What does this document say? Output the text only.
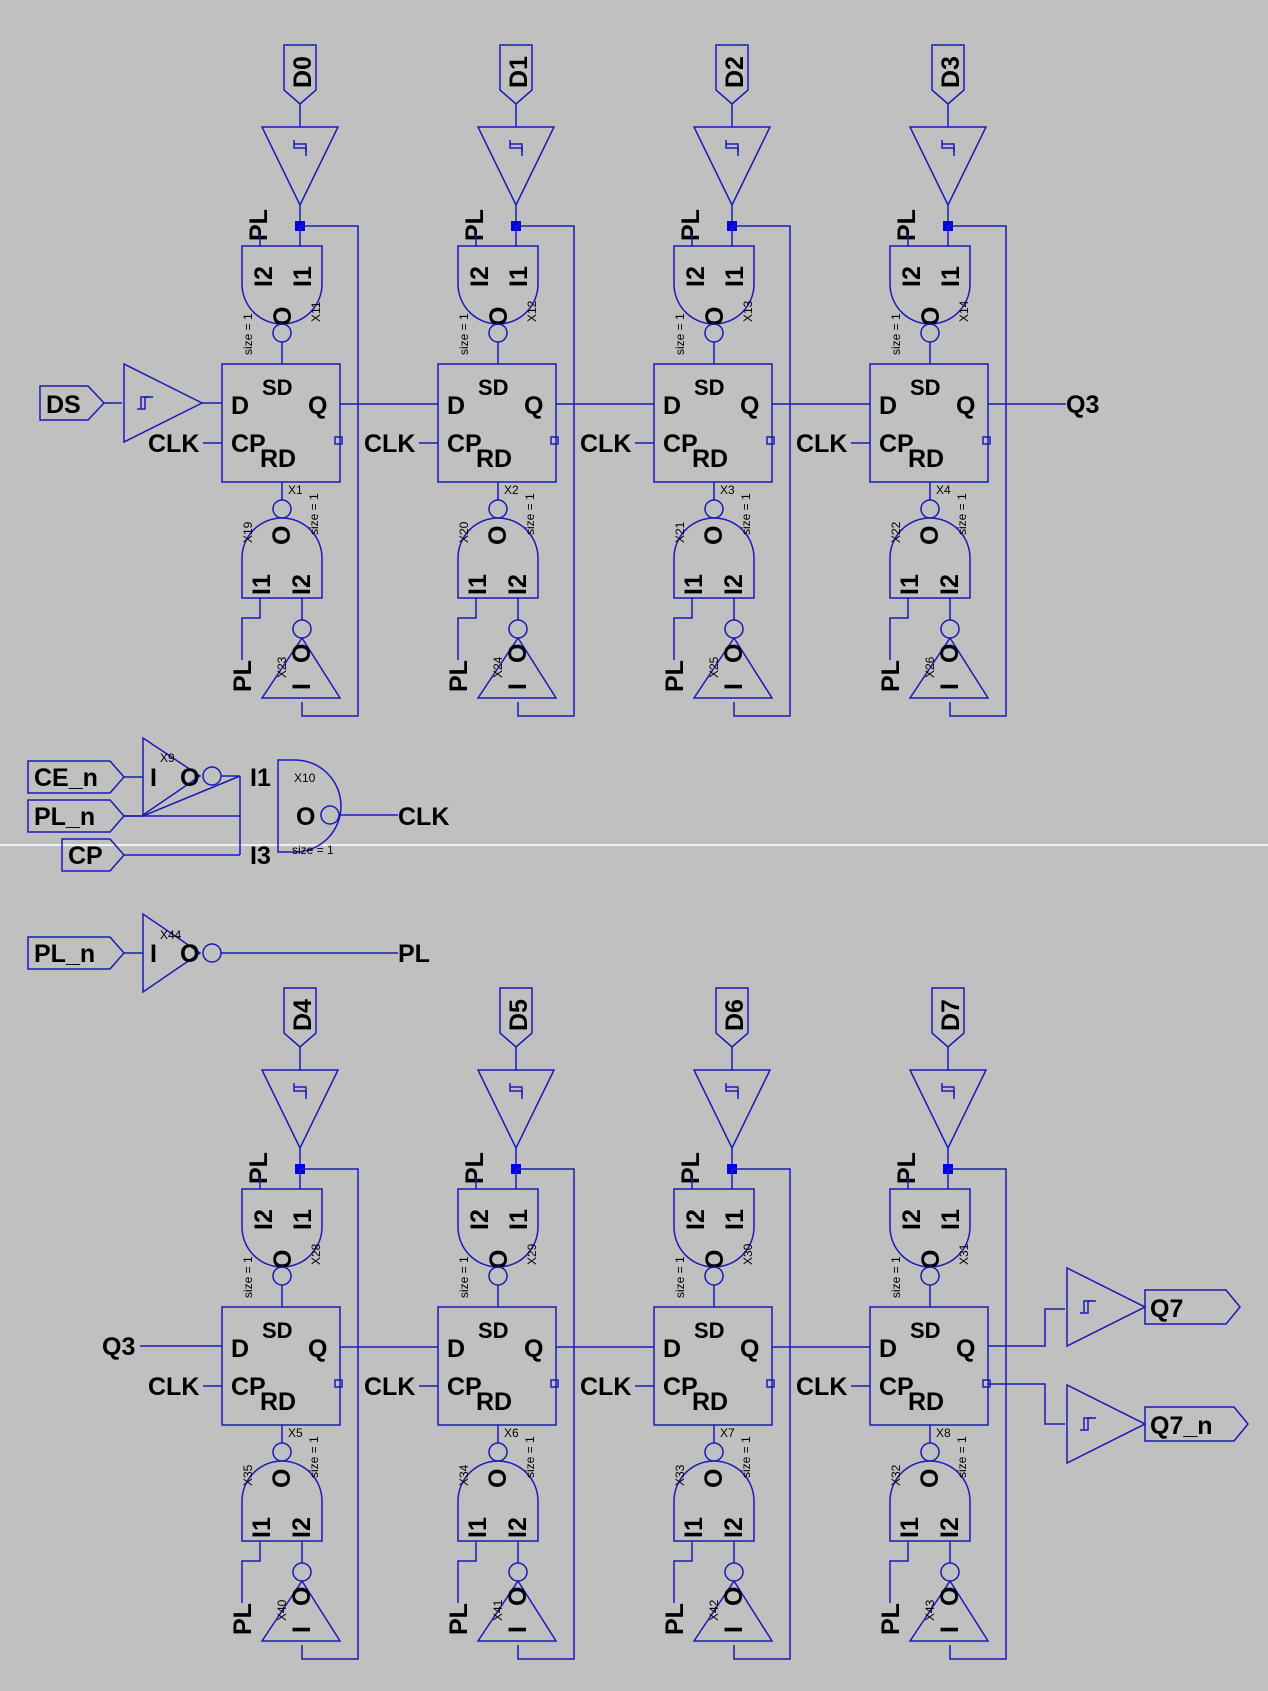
D0
I2 I1
O
PL
size = 1
X11
SD
D Q
CP
RD
X1
CLK
O
I1 I2
X19	size = 1
PL
O
I
X23
D1
I2 I1
O
PL
size = 1
X12
SD
D Q
CP
RD
X2
CLK
O
I1 I2
X20	size = 1
PL
O
I
X24
D2
I2 I1
O
PL
size = 1
X13
SD
D Q
CP
RD
X3
CLK
O
I1 I2
X21	size = 1
PL
O
I
X25
D3
I2 I1
O
PL
size = 1
X14
SD
D Q
CP
RD
X4
CLK
O
I1 I2
X22	size = 1
PL
O
I
X26
DS	Q3
CE_n I O
X9
PL_n
CP
I1
I3
O
X10
size = 1
CLK
PL_n I O
X44
PL
D4
I2 I1
O
PL
size = 1
X28
SD
D Q
CP
RD
X5
CLK
O
I1 I2
X35	size = 1
PL
O
I
X40
D5
I2 I1
O
PL
size = 1
X29
SD
D Q
CP
RD
X6
CLK
O
I1 I2
X34	size = 1
PL
O
I
X41
D6
I2 I1
O
PL
size = 1
X30
SD
D Q
CP
RD
X7
CLK
O
I1 I2
X33	size = 1
PL
O
I
X42
D7
I2 I1
O
PL
size = 1
X31
SD
D Q
CP
RD
X8
CLK
O
I1 I2
X32	size = 1
PL
O
I
X43
Q3
Q7
Q7_n
